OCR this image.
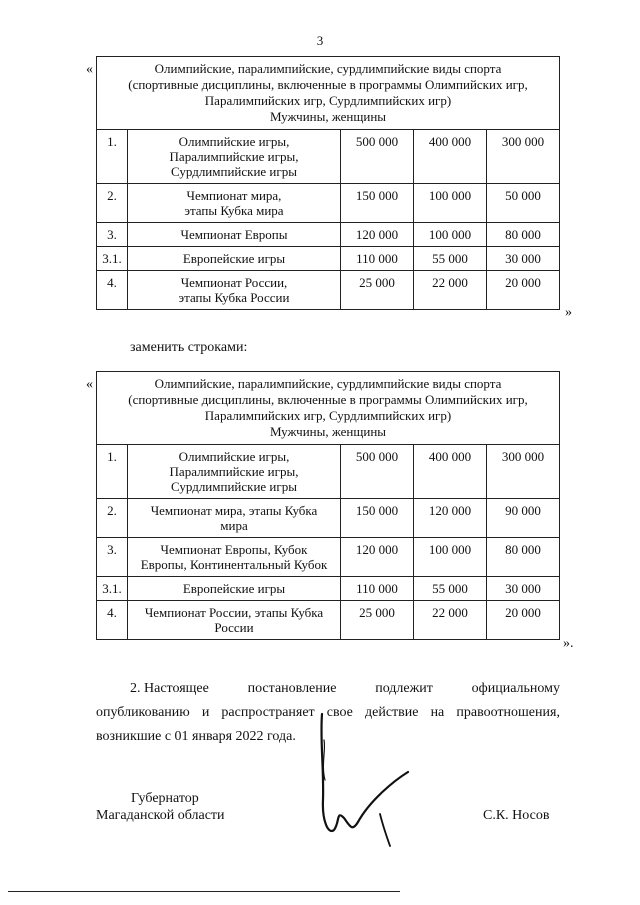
3
«	Олимпийские, паралимпийские, сурдлимпийские виды спорта
(спортивные дисциплины, включенные в программы Олимпийских игр,
Паралимпийских игр, Сурдлимпийских игр)
Мужчины, женщины				

1.	Олимпийские игры,
Паралимпийские игры,
Сурдлимпийские игры	500 000	400 000	300 000
2.	Чемпионат мира,
этапы Кубка мира	150 000	100 000	50 000
3.	Чемпионат Европы	120 000	100 000	80 000
3.1.	Европейские игры	110 000	55 000	30 000
4.	Чемпионат России,
этапы Кубка России	25 000	22 000	20 000
»
заменить строками:
«	Олимпийские, паралимпийские, сурдлимпийские виды спорта
(спортивные дисциплины, включенные в программы Олимпийских игр,
Паралимпийских игр, Сурдлимпийских игр)
Мужчины, женщины				

1.	Олимпийские игры,
Паралимпийские игры,
Сурдлимпийские игры	500 000	400 000	300 000
2.	Чемпионат мира, этапы Кубка
мира	150 000	120 000	90 000
3.	Чемпионат Европы, Кубок
Европы, Континентальный Кубок	120 000	100 000	80 000
3.1.	Европейские игры	110 000	55 000	30 000
4.	Чемпионат России, этапы Кубка
России	25 000	22 000	20 000
».
2. Настоящее	постановление	подлежит	официальному
опубликованию и распространяет свое действие на правоотношения,
возникшие с 01 января 2022 года.
Губернатор
Магаданской области	С.К. Носов
